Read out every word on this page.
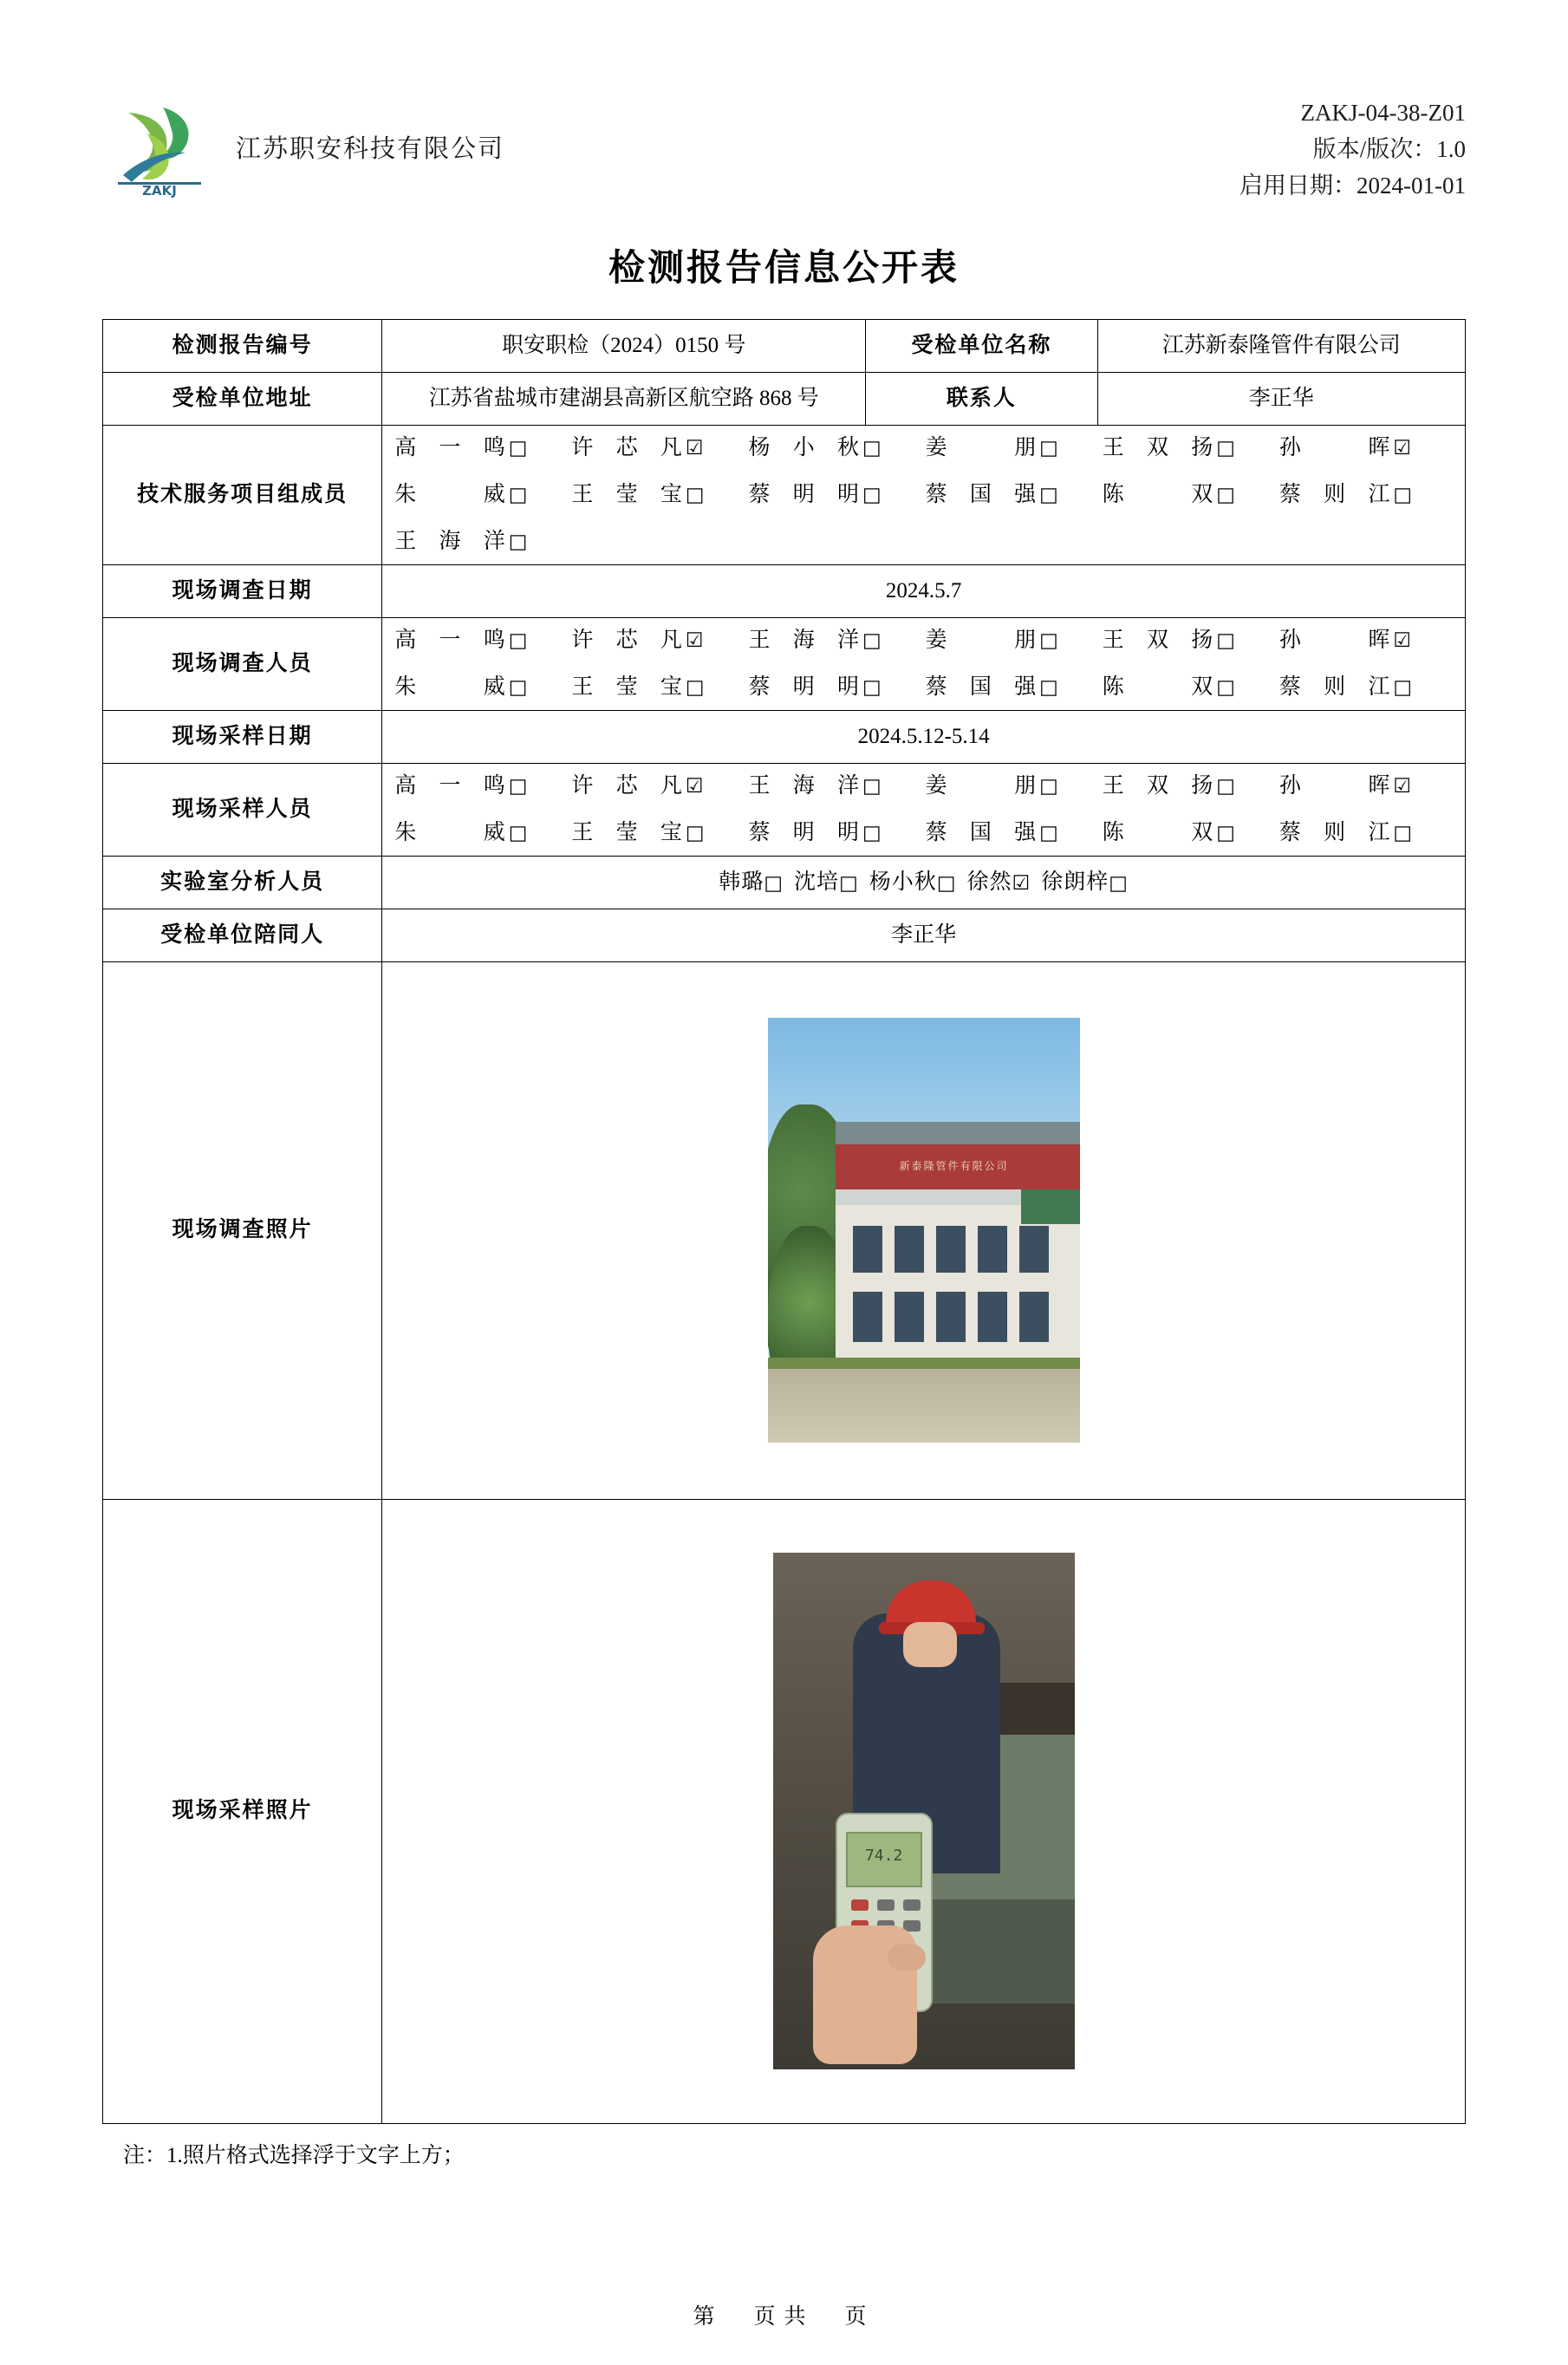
ZAKJ
江苏职安科技有限公司
ZAKJ-04-38-Z01
版本/版次：1.0
启用日期：2024-01-01
检测报告信息公开表
检测报告编号	职安职检（2024）0150 号	受检单位名称	江苏新泰隆管件有限公司
受检单位地址	江苏省盐城市建湖县高新区航空路 868 号	联系人	李正华
技术服务项目组成员	
高一鸣 □ 许芯凡 ☑ 杨小秋 □ 姜　朋 □ 王双扬 □ 孙　晖 ☑
朱　威 □ 王莹宝 □ 蔡明明 □ 蔡国强 □ 陈　双 □ 蔡则江 □
王海洋 □

现场调查日期	2024.5.7		
现场调查人员	
高一鸣 □ 许芯凡 ☑ 王海洋 □ 姜　朋 □ 王双扬 □ 孙　晖 ☑
朱　威 □ 王莹宝 □ 蔡明明 □ 蔡国强 □ 陈　双 □ 蔡则江 □

现场采样日期	2024.5.12-5.14		
现场采样人员	
高一鸣 □ 许芯凡 ☑ 王海洋 □ 姜　朋 □ 王双扬 □ 孙　晖 ☑
朱　威 □ 王莹宝 □ 蔡明明 □ 蔡国强 □ 陈　双 □ 蔡则江 □

实验室分析人员	韩璐□ 沈培□ 杨小秋□ 徐然☑ 徐朗梓□		

受检单位陪同人	李正华		
现场调查照片	新泰隆管件有限公司		

现场采样照片	74.2		
注：1.照片格式选择浮于文字上方；
第　页共　页
